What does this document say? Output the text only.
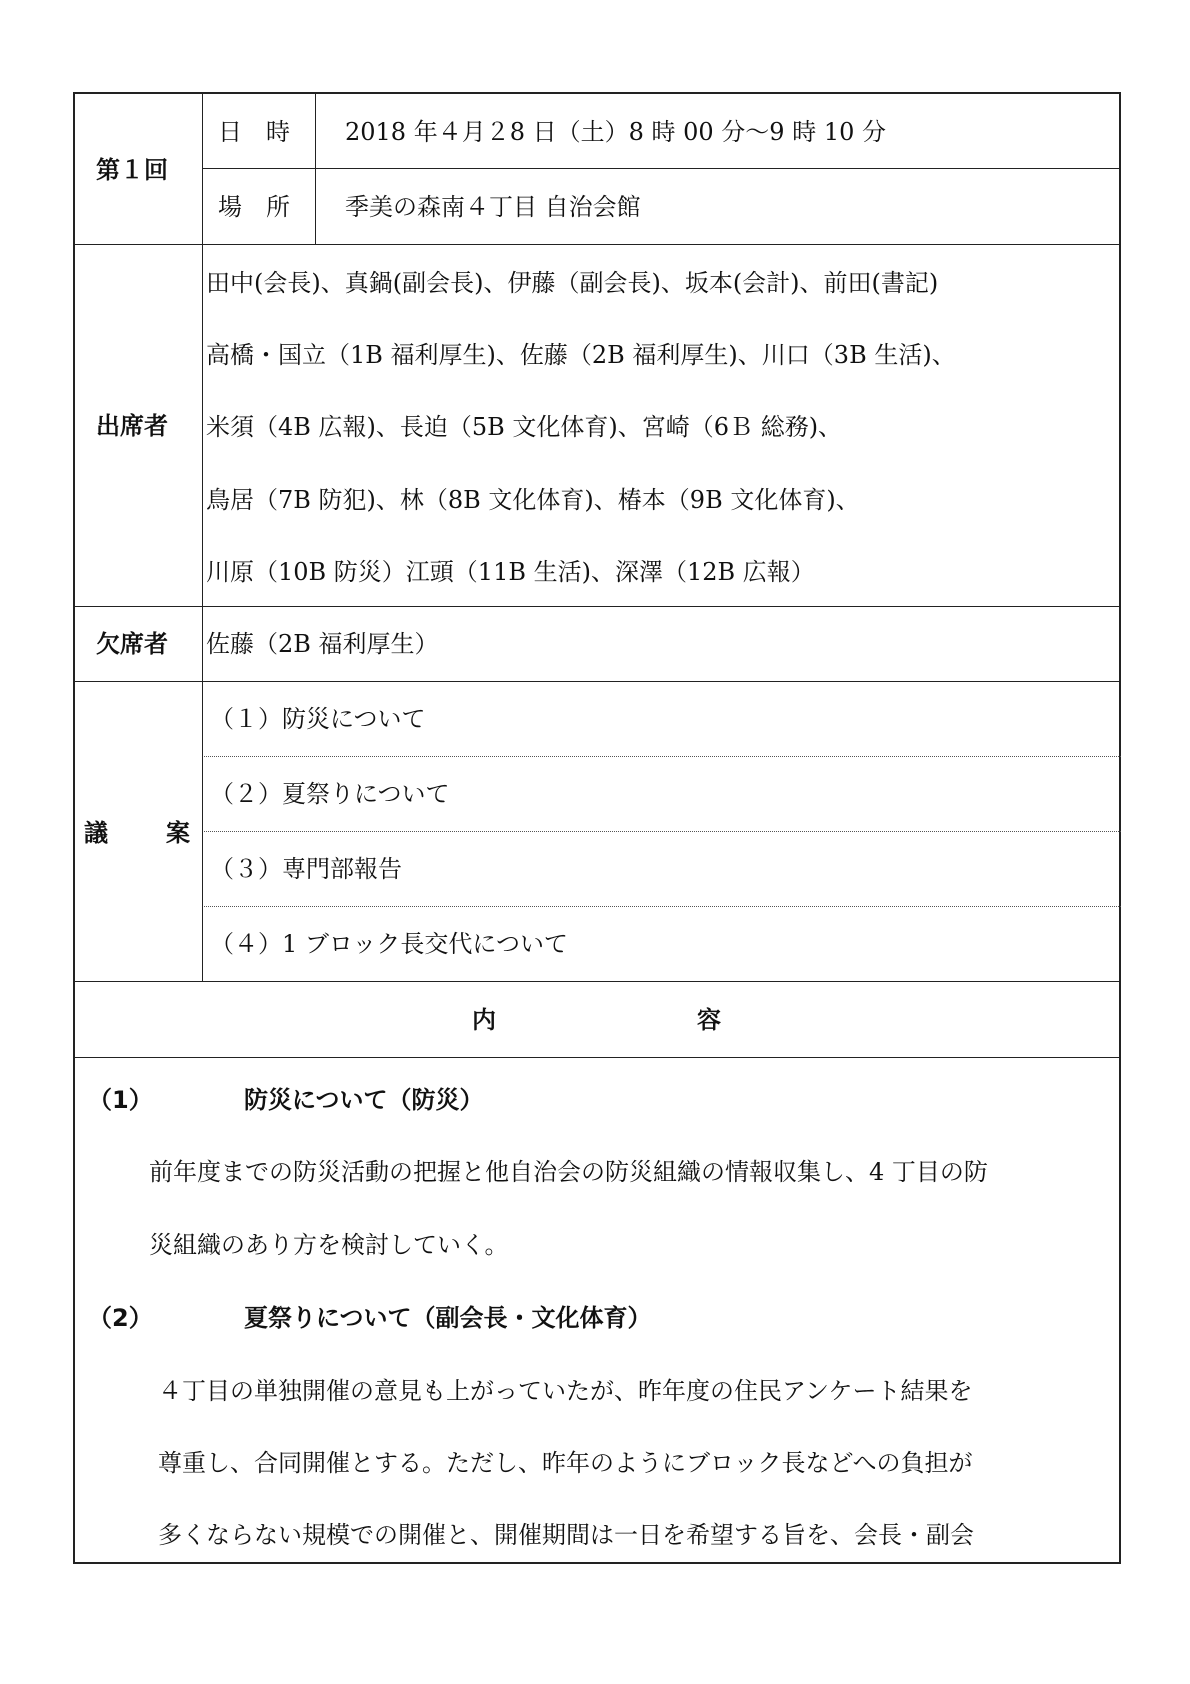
第１回
日　時 2018 年４月２8 日（土）8 時 00 分〜9 時 10 分
場　所 季美の森南４丁目 自治会館
出席者
田中(会長)、真鍋(副会長)、伊藤（副会長)、坂本(会計)、前田(書記)
高橋・国立（1B 福利厚生)、佐藤（2B 福利厚生)、川口（3B 生活)、
米須（4B 広報)、長迫（5B 文化体育)、宮崎（6Ｂ 総務)、
鳥居（7B 防犯)、林（8B 文化体育)、椿本（9B 文化体育)、
川原（10B 防災）江頭（11B 生活)、深澤（12B 広報）
欠席者 佐藤（2B 福利厚生）
議 案
（１）防災について
（２）夏祭りについて
（３）専門部報告
（４）1 ブロック長交代について
内	容
（1）	防災について（防災）
前年度までの防災活動の把握と他自治会の防災組織の情報収集し、4 丁目の防
災組織のあり方を検討していく。
（2）	夏祭りについて（副会長・文化体育）
４丁目の単独開催の意見も上がっていたが、昨年度の住民アンケート結果を
尊重し、合同開催とする。ただし、昨年のようにブロック長などへの負担が
多くならない規模での開催と、開催期間は一日を希望する旨を、会長・副会
